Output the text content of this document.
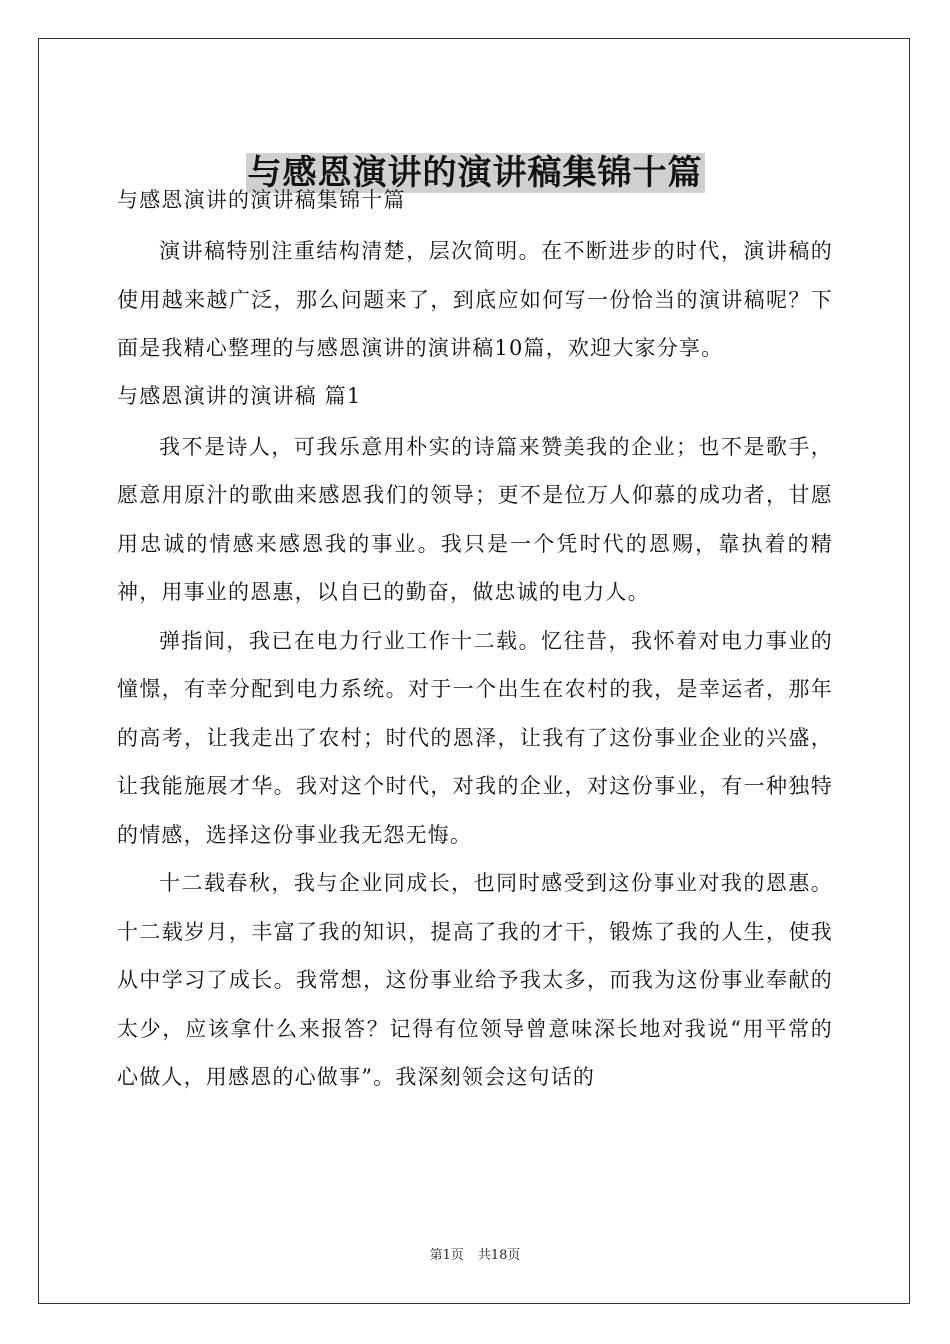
与感恩演讲的演讲稿集锦十篇

与感恩演讲的演讲稿集锦十篇

演讲稿特别注重结构清楚，层次简明。在不断进步的时代，演讲稿的使用越来越广泛，那么问题来了，到底应如何写一份恰当的演讲稿呢？下面是我精心整理的与感恩演讲的演讲稿10篇，欢迎大家分享。

与感恩演讲的演讲稿 篇1

我不是诗人，可我乐意用朴实的诗篇来赞美我的企业；也不是歌手，愿意用原汁的歌曲来感恩我们的领导；更不是位万人仰慕的成功者，甘愿用忠诚的情感来感恩我的事业。我只是一个凭时代的恩赐，靠执着的精神，用事业的恩惠，以自已的勤奋，做忠诚的电力人。

弹指间，我已在电力行业工作十二载。忆往昔，我怀着对电力事业的憧憬，有幸分配到电力系统。对于一个出生在农村的我，是幸运者，那年的高考，让我走出了农村；时代的恩泽，让我有了这份事业企业的兴盛，让我能施展才华。我对这个时代，对我的企业，对这份事业，有一种独特的情感，选择这份事业我无怨无悔。

十二载春秋，我与企业同成长，也同时感受到这份事业对我的恩惠。十二载岁月，丰富了我的知识，提高了我的才干，锻炼了我的人生，使我从中学习了成长。我常想，这份事业给予我太多，而我为这份事业奉献的太少，应该拿什么来报答？记得有位领导曾意味深长地对我说“用平常的心做人，用感恩的心做事”。我深刻领会这句话的

第1页 共18页
